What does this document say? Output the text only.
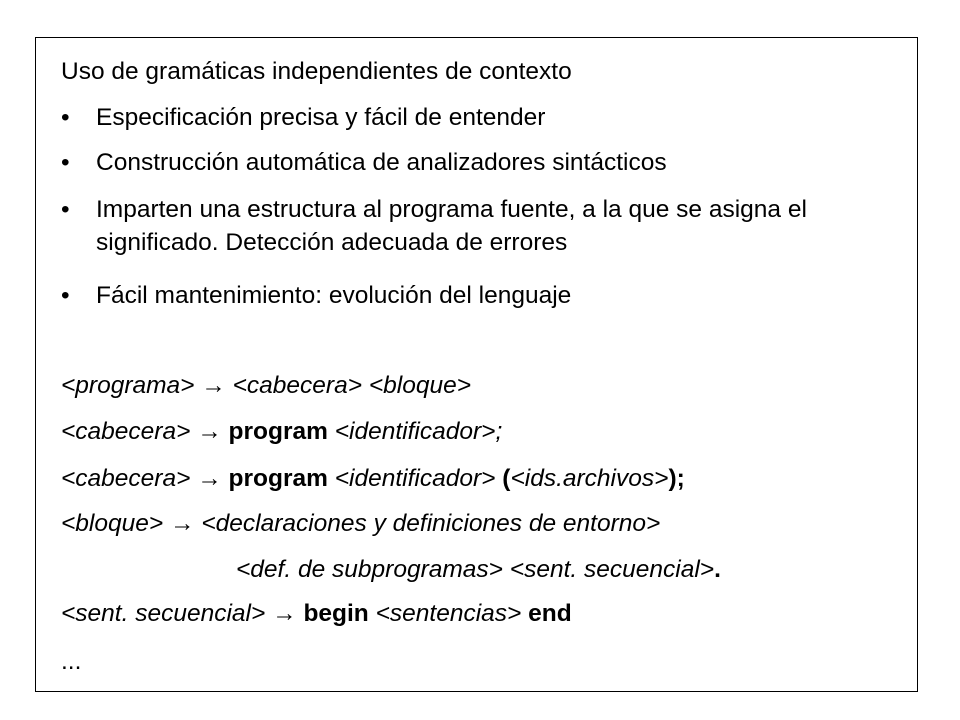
Uso de gramáticas independientes de contexto
• Especificación precisa y fácil de entender
• Construcción automática de analizadores sintácticos
• Imparten una estructura al programa fuente, a la que se asigna el significado. Detección adecuada de errores
• Fácil mantenimiento: evolución del lenguaje
<programa> → <cabecera> <bloque>
<cabecera> → program <identificador>;
<cabecera> → program <identificador> (<ids.archivos>);
<bloque> → <declaraciones y definiciones de entorno>
<def. de subprogramas> <sent. secuencial>.
<sent. secuencial> → begin <sentencias> end
...
